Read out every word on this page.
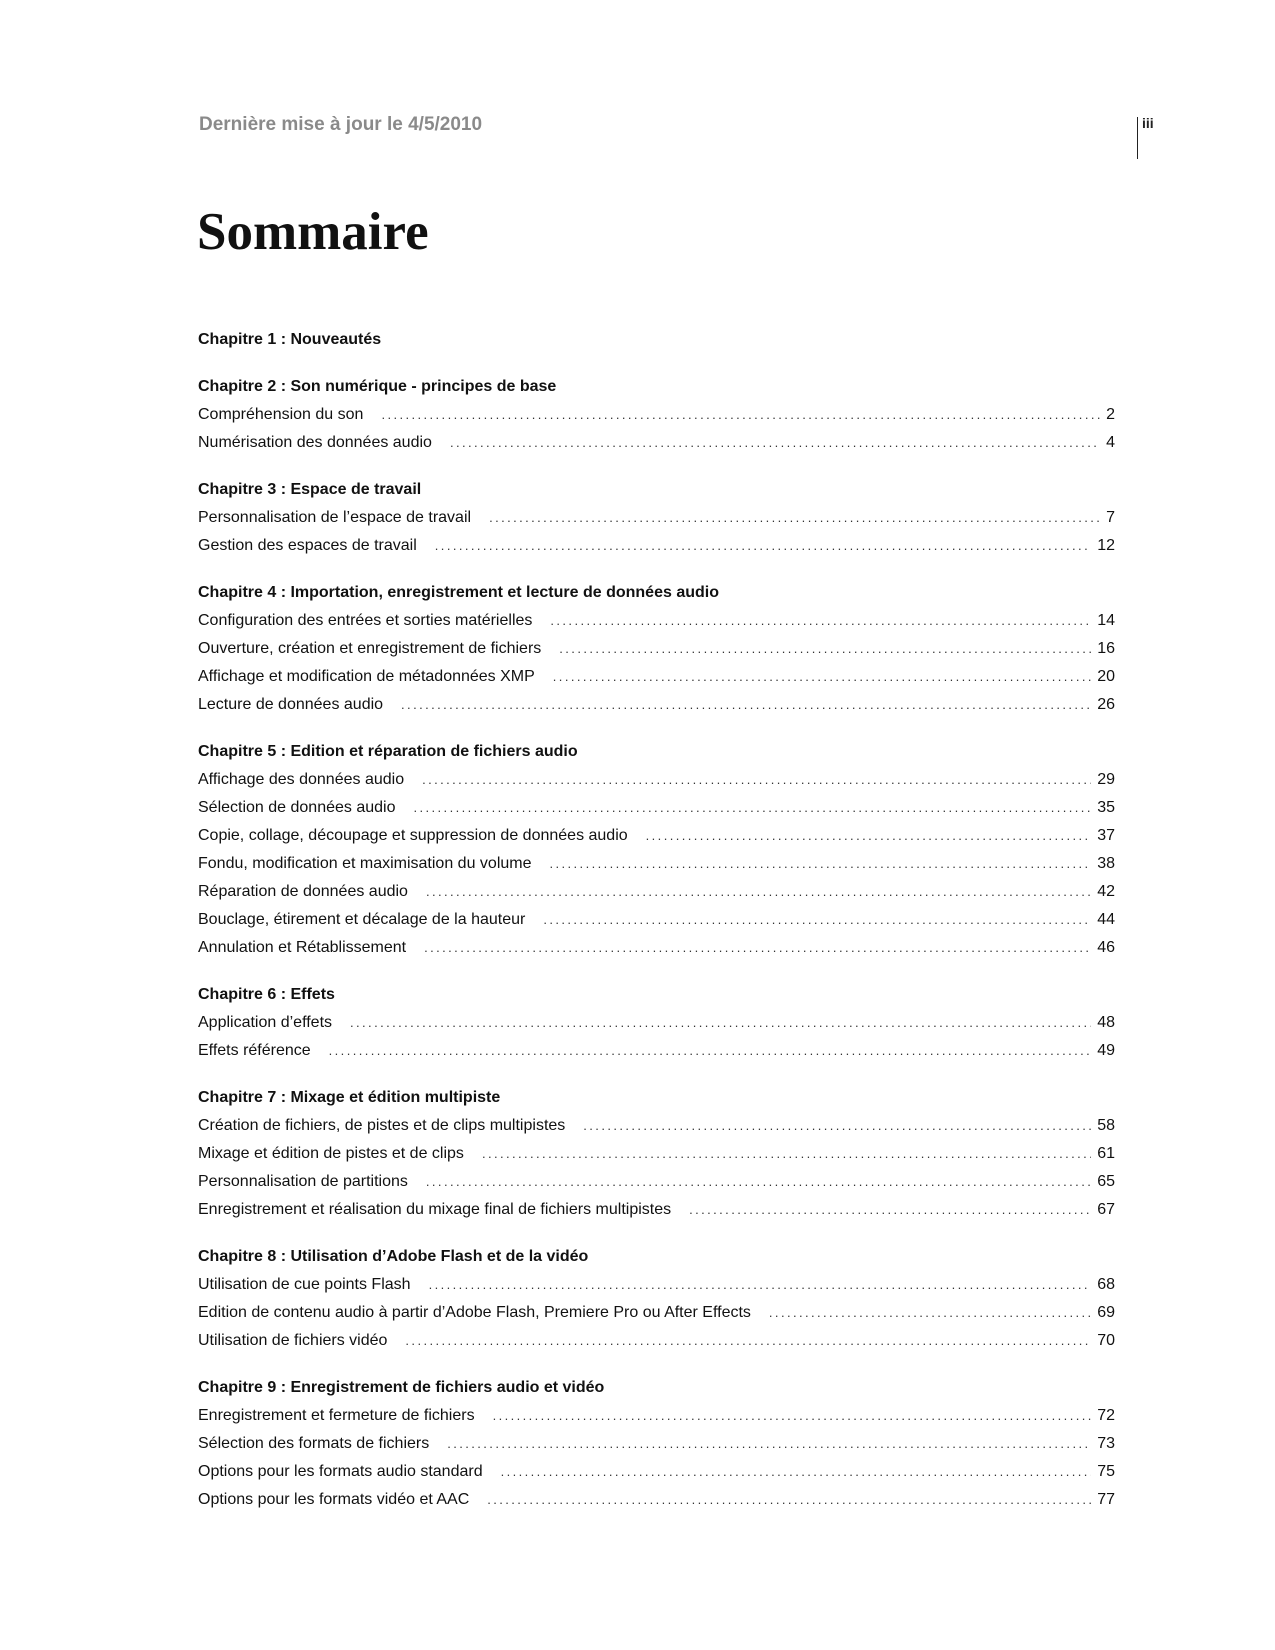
Dernière mise à jour le 4/5/2010	iii
Sommaire
Chapitre 1 : Nouveautés
Chapitre 2 : Son numérique - principes de base
Compréhension du son .....	2
Numérisation des données audio .....	4
Chapitre 3 : Espace de travail
Personnalisation de l’espace de travail .....	7
Gestion des espaces de travail .....	12
Chapitre 4 : Importation, enregistrement et lecture de données audio
Configuration des entrées et sorties matérielles .....	14
Ouverture, création et enregistrement de fichiers .....	16
Affichage et modification de métadonnées XMP .....	20
Lecture de données audio .....	26
Chapitre 5 : Edition et réparation de fichiers audio
Affichage des données audio .....	29
Sélection de données audio .....	35
Copie, collage, découpage et suppression de données audio .....	37
Fondu, modification et maximisation du volume .....	38
Réparation de données audio .....	42
Bouclage, étirement et décalage de la hauteur .....	44
Annulation et Rétablissement .....	46
Chapitre 6 : Effets
Application d’effets .....	48
Effets référence .....	49
Chapitre 7 : Mixage et édition multipiste
Création de fichiers, de pistes et de clips multipistes .....	58
Mixage et édition de pistes et de clips .....	61
Personnalisation de partitions .....	65
Enregistrement et réalisation du mixage final de fichiers multipistes .....	67
Chapitre 8 : Utilisation d’Adobe Flash et de la vidéo
Utilisation de cue points Flash .....	68
Edition de contenu audio à partir d’Adobe Flash, Premiere Pro ou After Effects .....	69
Utilisation de fichiers vidéo .....	70
Chapitre 9 : Enregistrement de fichiers audio et vidéo
Enregistrement et fermeture de fichiers .....	72
Sélection des formats de fichiers .....	73
Options pour les formats audio standard .....	75
Options pour les formats vidéo et AAC .....	77
